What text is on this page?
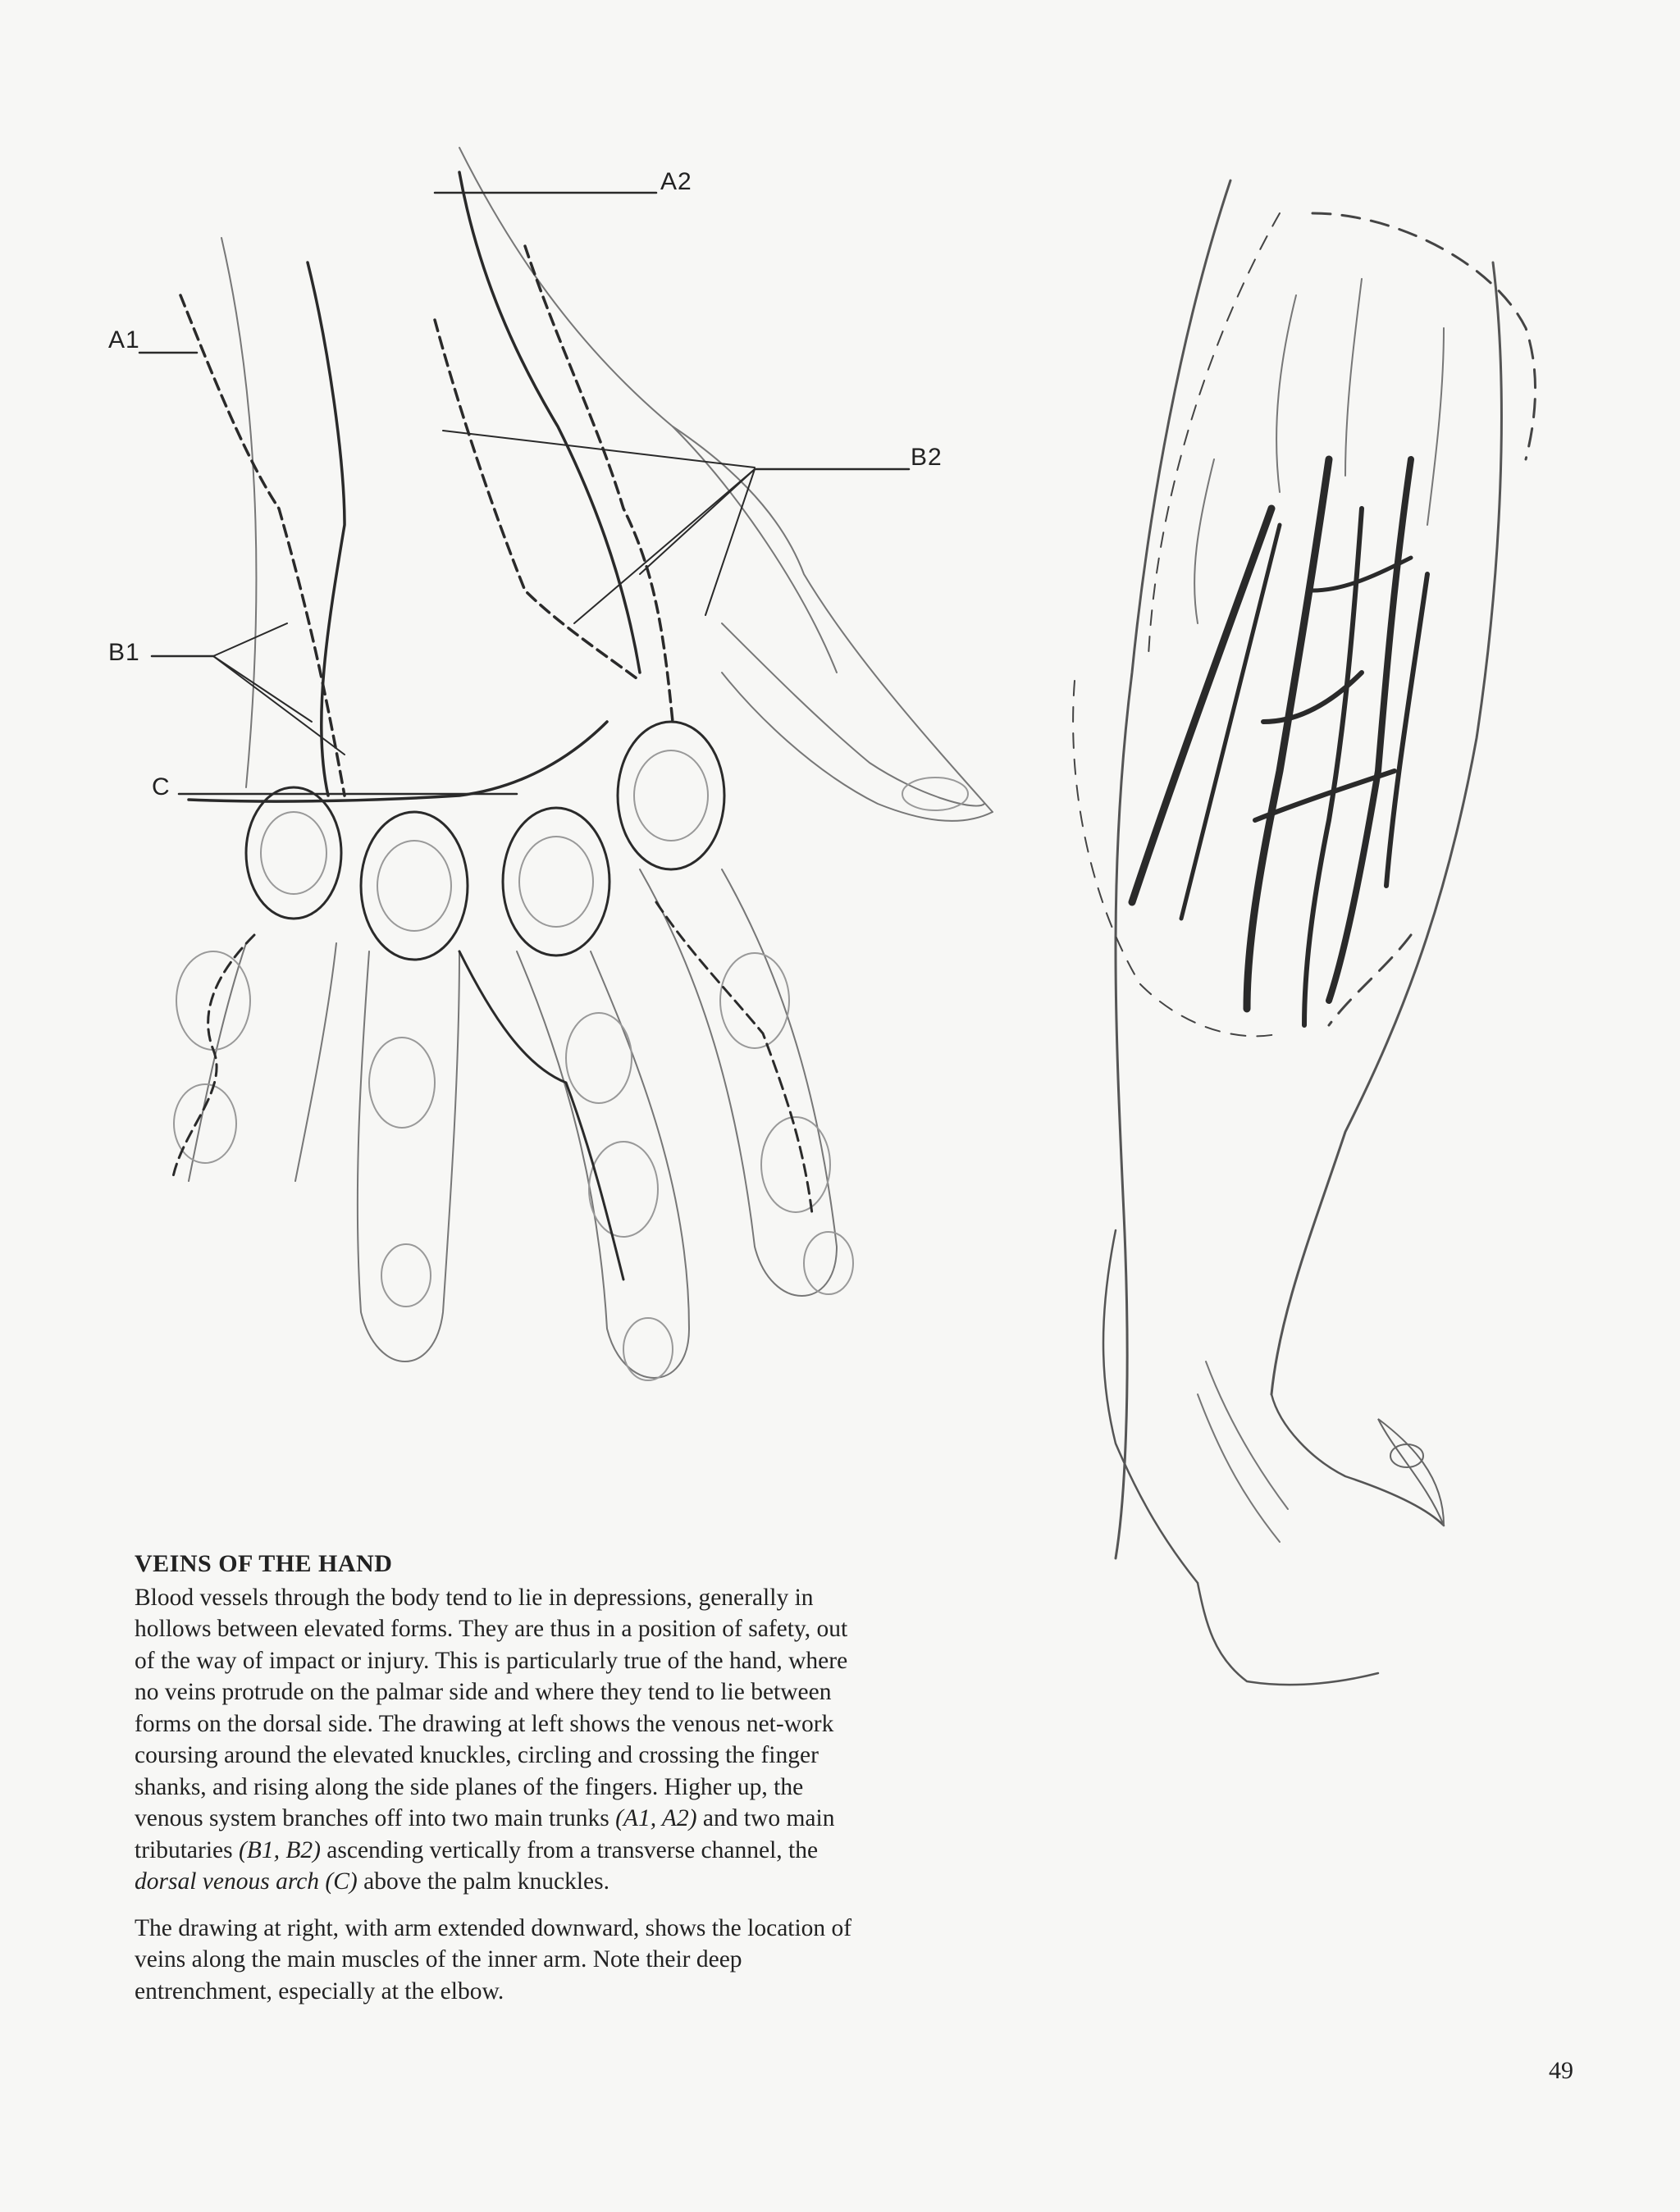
A2
A1
B2
B1
C
VEINS OF THE HAND

Blood vessels through the body tend to lie in depressions, generally in hollows between elevated forms. They are thus in a position of safety, out of the way of impact or injury. This is particularly true of the hand, where no veins protrude on the palmar side and where they tend to lie between forms on the dorsal side. The drawing at left shows the venous net-work coursing around the elevated knuckles, circling and crossing the finger shanks, and rising along the side planes of the fingers. Higher up, the venous system branches off into two main trunks (A1, A2) and two main tributaries (B1, B2) ascending vertically from a transverse channel, the dorsal venous arch (C) above the palm knuckles.

The drawing at right, with arm extended downward, shows the location of veins along the main muscles of the inner arm. Note their deep entrenchment, especially at the elbow.

49
